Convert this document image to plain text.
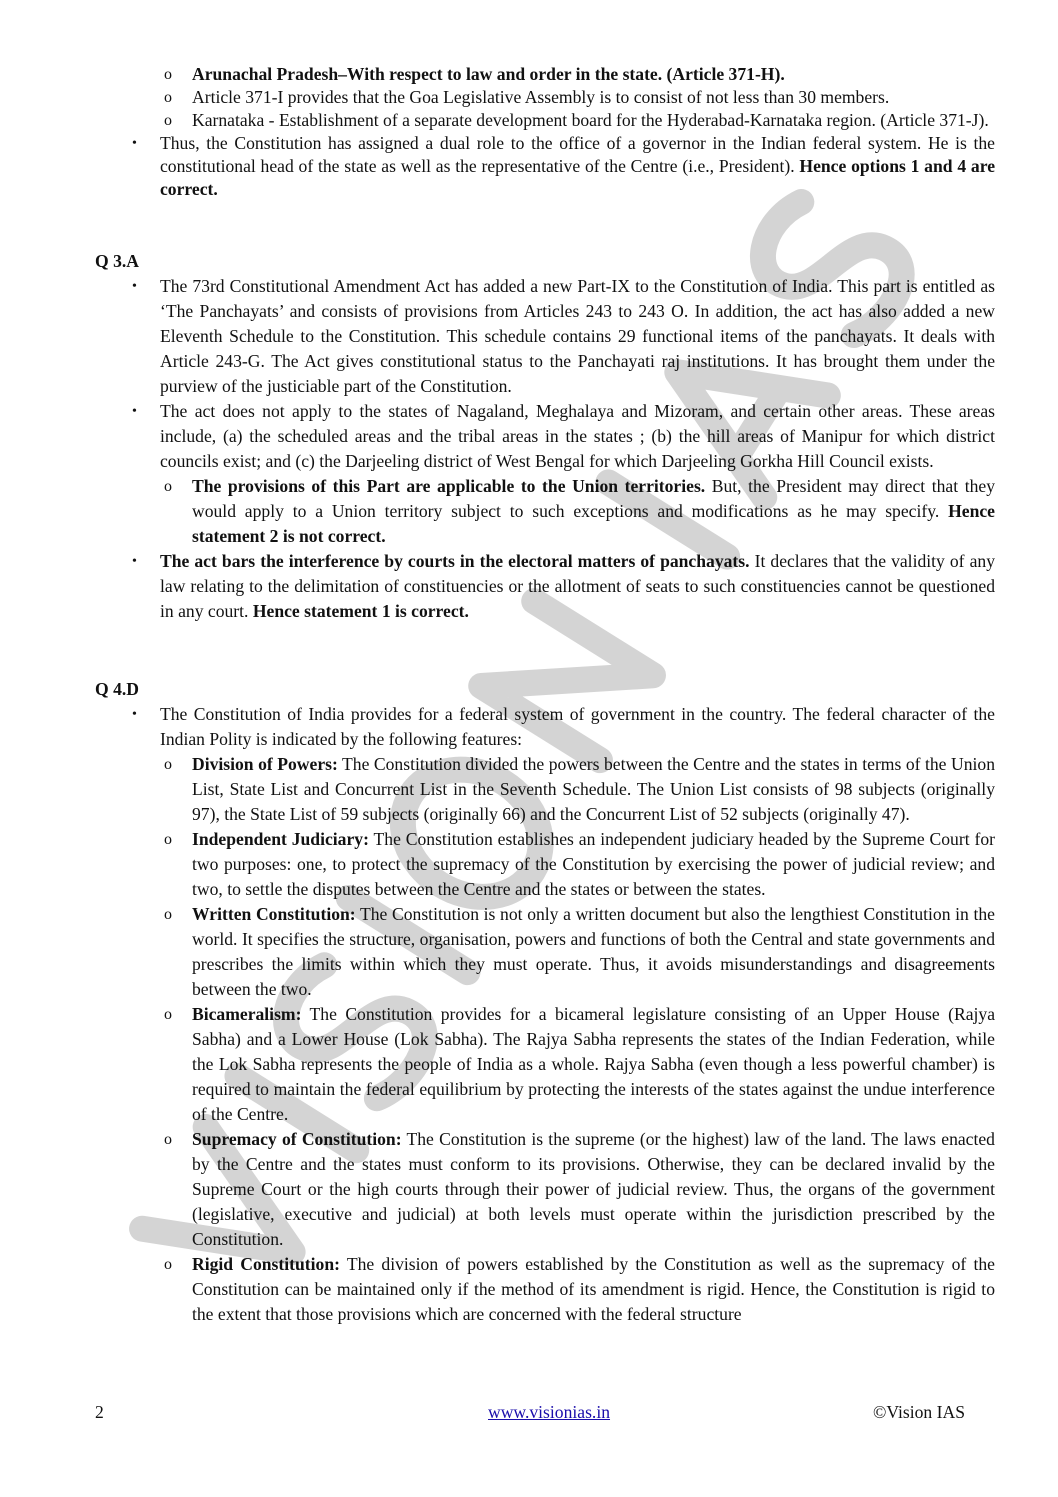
o Arunachal Pradesh–With respect to law and order in the state. (Article 371-H).
o Article 371-I provides that the Goa Legislative Assembly is to consist of not less than 30 members.
o Karnataka - Establishment of a separate development board for the Hyderabad-Karnataka region. (Article 371-J).
• Thus, the Constitution has assigned a dual role to the office of a governor in the Indian federal system. He is the constitutional head of the state as well as the representative of the Centre (i.e., President). Hence options 1 and 4 are correct.
Q 3.A
• The 73rd Constitutional Amendment Act has added a new Part-IX to the Constitution of India. This part is entitled as ‘The Panchayats’ and consists of provisions from Articles 243 to 243 O. In addition, the act has also added a new Eleventh Schedule to the Constitution. This schedule contains 29 functional items of the panchayats. It deals with Article 243-G. The Act gives constitutional status to the Panchayati raj institutions. It has brought them under the purview of the justiciable part of the Constitution.
• The act does not apply to the states of Nagaland, Meghalaya and Mizoram, and certain other areas. These areas include, (a) the scheduled areas and the tribal areas in the states ; (b) the hill areas of Manipur for which district councils exist; and (c) the Darjeeling district of West Bengal for which Darjeeling Gorkha Hill Council exists.
o The provisions of this Part are applicable to the Union territories. But, the President may direct that they would apply to a Union territory subject to such exceptions and modifications as he may specify. Hence statement 2 is not correct.
• The act bars the interference by courts in the electoral matters of panchayats. It declares that the validity of any law relating to the delimitation of constituencies or the allotment of seats to such constituencies cannot be questioned in any court. Hence statement 1 is correct.
Q 4.D
• The Constitution of India provides for a federal system of government in the country. The federal character of the Indian Polity is indicated by the following features:
o Division of Powers: The Constitution divided the powers between the Centre and the states in terms of the Union List, State List and Concurrent List in the Seventh Schedule. The Union List consists of 98 subjects (originally 97), the State List of 59 subjects (originally 66) and the Concurrent List of 52 subjects (originally 47).
o Independent Judiciary: The Constitution establishes an independent judiciary headed by the Supreme Court for two purposes: one, to protect the supremacy of the Constitution by exercising the power of judicial review; and two, to settle the disputes between the Centre and the states or between the states.
o Written Constitution: The Constitution is not only a written document but also the lengthiest Constitution in the world. It specifies the structure, organisation, powers and functions of both the Central and state governments and prescribes the limits within which they must operate. Thus, it avoids misunderstandings and disagreements between the two.
o Bicameralism: The Constitution provides for a bicameral legislature consisting of an Upper House (Rajya Sabha) and a Lower House (Lok Sabha). The Rajya Sabha represents the states of the Indian Federation, while the Lok Sabha represents the people of India as a whole. Rajya Sabha (even though a less powerful chamber) is required to maintain the federal equilibrium by protecting the interests of the states against the undue interference of the Centre.
o Supremacy of Constitution: The Constitution is the supreme (or the highest) law of the land. The laws enacted by the Centre and the states must conform to its provisions. Otherwise, they can be declared invalid by the Supreme Court or the high courts through their power of judicial review. Thus, the organs of the government (legislative, executive and judicial) at both levels must operate within the jurisdiction prescribed by the Constitution.
o Rigid Constitution: The division of powers established by the Constitution as well as the supremacy of the Constitution can be maintained only if the method of its amendment is rigid. Hence, the Constitution is rigid to the extent that those provisions which are concerned with the federal structure
2	www.visionias.in	©Vision IAS
